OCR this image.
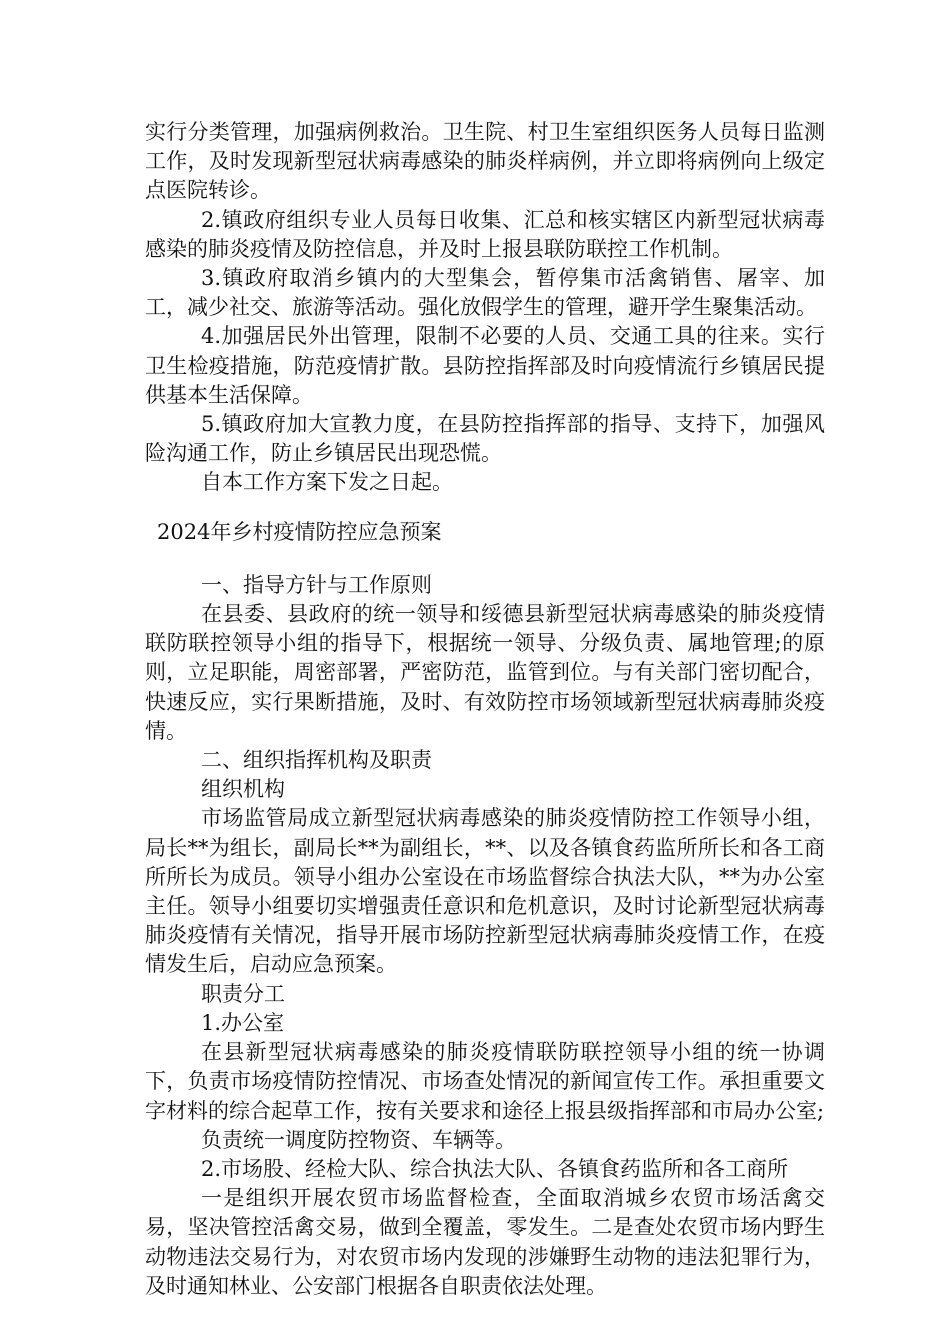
实行分类管理，加强病例救治。卫生院、村卫生室组织医务人员每日监测工作，及时发现新型冠状病毒感染的肺炎样病例，并立即将病例向上级定点医院转诊。

2.镇政府组织专业人员每日收集、汇总和核实辖区内新型冠状病毒感染的肺炎疫情及防控信息，并及时上报县联防联控工作机制。

3.镇政府取消乡镇内的大型集会，暂停集市活禽销售、屠宰、加工，减少社交、旅游等活动。强化放假学生的管理，避开学生聚集活动。

4.加强居民外出管理，限制不必要的人员、交通工具的往来。实行卫生检疫措施，防范疫情扩散。县防控指挥部及时向疫情流行乡镇居民提供基本生活保障。

5.镇政府加大宣教力度，在县防控指挥部的指导、支持下，加强风险沟通工作，防止乡镇居民出现恐慌。

自本工作方案下发之日起。

2024年乡村疫情防控应急预案

一、指导方针与工作原则

在县委、县政府的统一领导和绥德县新型冠状病毒感染的肺炎疫情联防联控领导小组的指导下，根据统一领导、分级负责、属地管理;的原则，立足职能，周密部署，严密防范，监管到位。与有关部门密切配合，快速反应，实行果断措施，及时、有效防控市场领域新型冠状病毒肺炎疫情。

二、组织指挥机构及职责

组织机构

市场监管局成立新型冠状病毒感染的肺炎疫情防控工作领导小组，局长**为组长，副局长**为副组长，**、以及各镇食药监所所长和各工商所所长为成员。领导小组办公室设在市场监督综合执法大队，**为办公室主任。领导小组要切实增强责任意识和危机意识，及时讨论新型冠状病毒肺炎疫情有关情况，指导开展市场防控新型冠状病毒肺炎疫情工作，在疫情发生后，启动应急预案。

职责分工

1.办公室

在县新型冠状病毒感染的肺炎疫情联防联控领导小组的统一协调下，负责市场疫情防控情况、市场查处情况的新闻宣传工作。承担重要文字材料的综合起草工作，按有关要求和途径上报县级指挥部和市局办公室;

负责统一调度防控物资、车辆等。

2.市场股、经检大队、综合执法大队、各镇食药监所和各工商所

一是组织开展农贸市场监督检查，全面取消城乡农贸市场活禽交易，坚决管控活禽交易，做到全覆盖，零发生。二是查处农贸市场内野生动物违法交易行为，对农贸市场内发现的涉嫌野生动物的违法犯罪行为，及时通知林业、公安部门根据各自职责依法处理。
